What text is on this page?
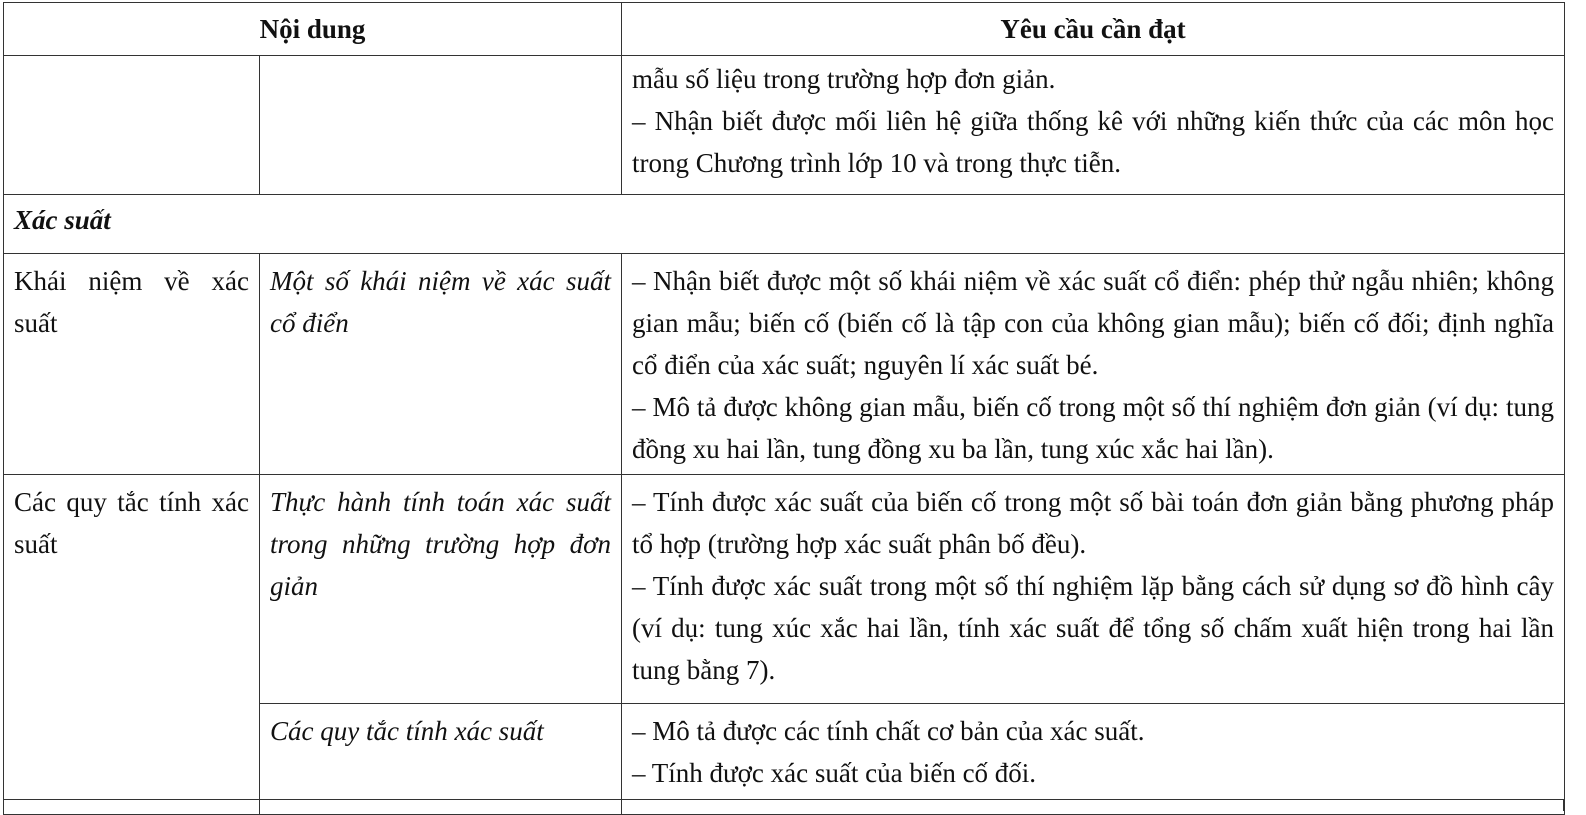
Nội dung		Yêu cầu cần đạt

		mẫu số liệu trong trường hợp đơn giản.

– Nhận biết được mối liên hệ giữa thống kê với những kiến thức của các môn học trong Chương trình lớp 10 và trong thực tiễn.

Xác suất		

Khái niệm về xác suất	Một số khái niệm về xác suất cổ điển	– Nhận biết được một số khái niệm về xác suất cổ điển: phép thử ngẫu nhiên; không gian mẫu; biến cố (biến cố là tập con của không gian mẫu); biến cố đối; định nghĩa cổ điển của xác suất; nguyên lí xác suất bé.

– Mô tả được không gian mẫu, biến cố trong một số thí nghiệm đơn giản (ví dụ: tung đồng xu hai lần, tung đồng xu ba lần, tung xúc xắc hai lần).

Các quy tắc tính xác suất	Thực hành tính toán xác suất trong những trường hợp đơn giản	– Tính được xác suất của biến cố trong một số bài toán đơn giản bằng phương pháp tổ hợp (trường hợp xác suất phân bố đều).

– Tính được xác suất trong một số thí nghiệm lặp bằng cách sử dụng sơ đồ hình cây (ví dụ: tung xúc xắc hai lần, tính xác suất để tổng số chấm xuất hiện trong hai lần tung bằng 7).

	Các quy tắc tính xác suất	– Mô tả được các tính chất cơ bản của xác suất.

– Tính được xác suất của biến cố đối.
